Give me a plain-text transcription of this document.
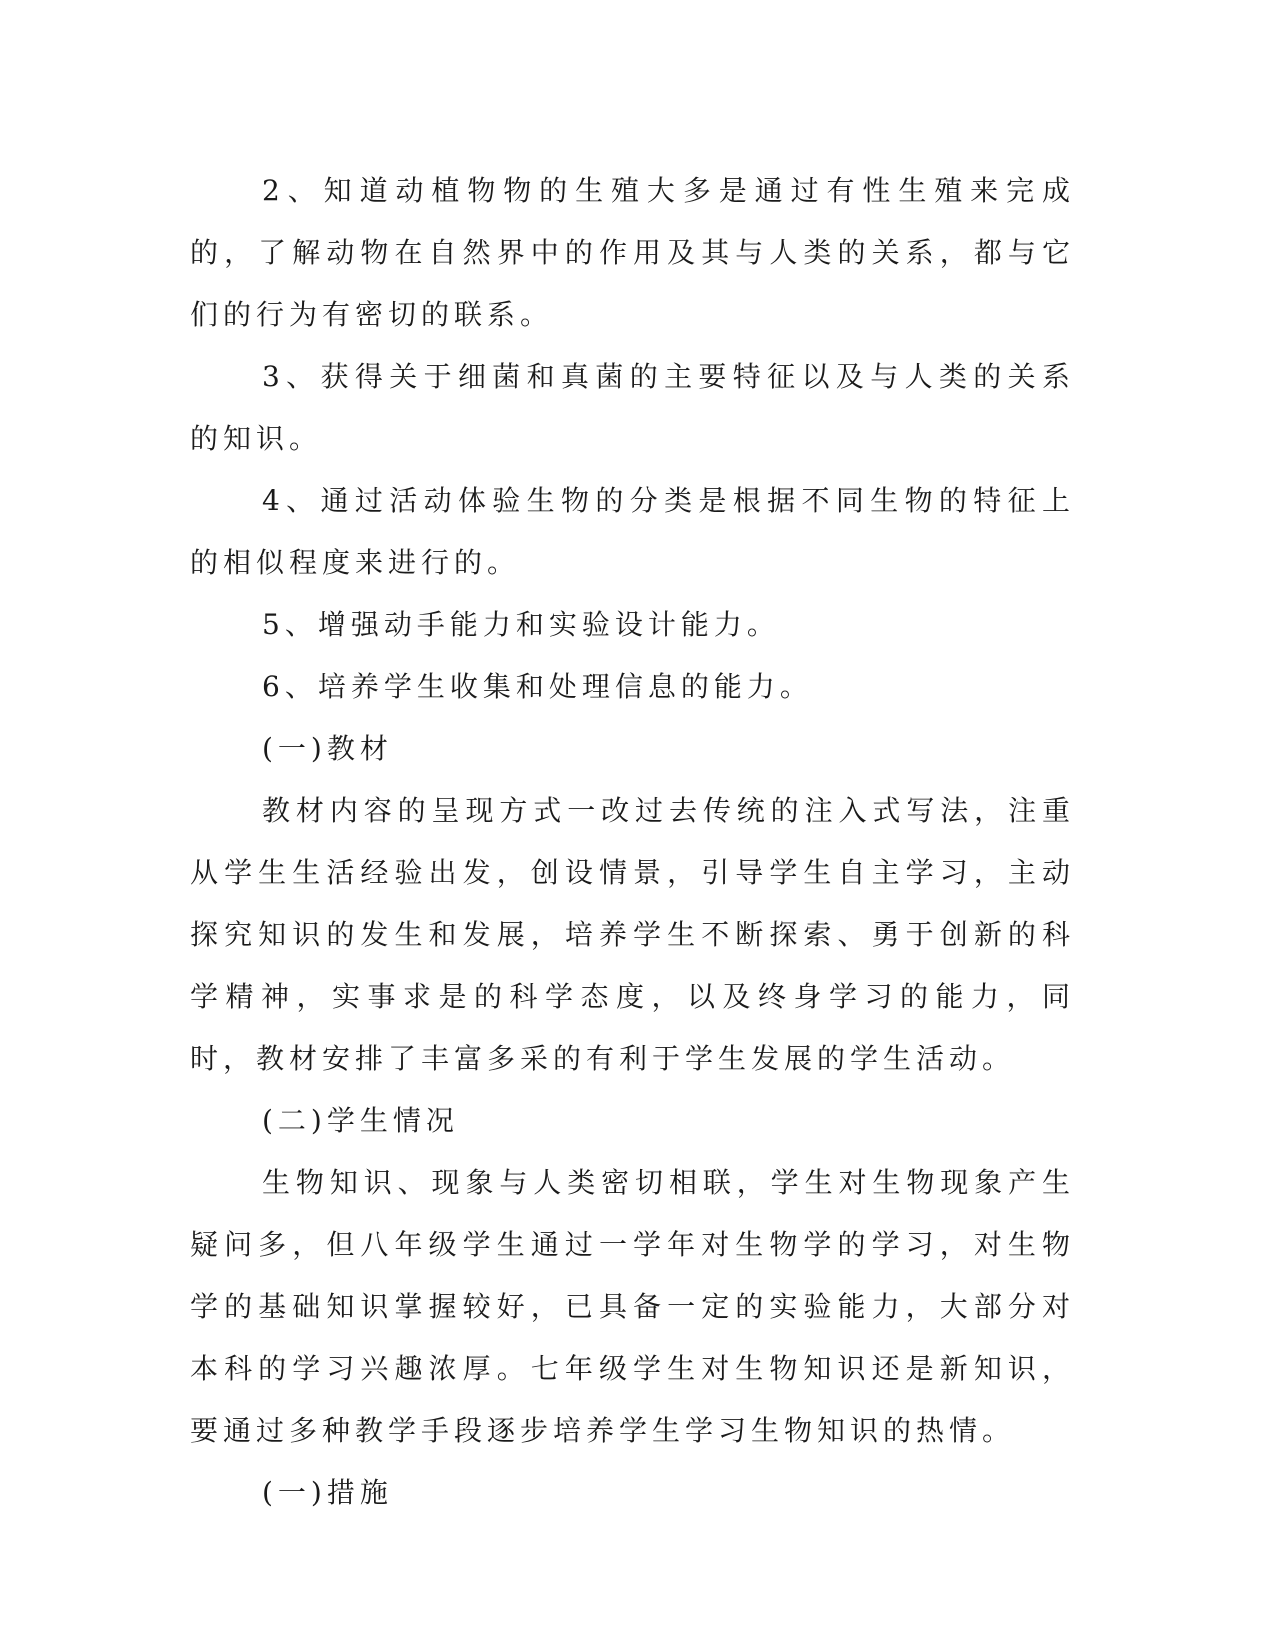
2、知道动植物物的生殖大多是通过有性生殖来完成的，了解动物在自然界中的作用及其与人类的关系，都与它们的行为有密切的联系。

3、获得关于细菌和真菌的主要特征以及与人类的关系的知识。

4、通过活动体验生物的分类是根据不同生物的特征上的相似程度来进行的。

5、增强动手能力和实验设计能力。

6、培养学生收集和处理信息的能力。

(一)教材

教材内容的呈现方式一改过去传统的注入式写法，注重从学生生活经验出发，创设情景，引导学生自主学习，主动探究知识的发生和发展，培养学生不断探索、勇于创新的科学精神，实事求是的科学态度，以及终身学习的能力，同时，教材安排了丰富多采的有利于学生发展的学生活动。

(二)学生情况

生物知识、现象与人类密切相联，学生对生物现象产生疑问多，但八年级学生通过一学年对生物学的学习，对生物学的基础知识掌握较好，已具备一定的实验能力，大部分对本科的学习兴趣浓厚。七年级学生对生物知识还是新知识，要通过多种教学手段逐步培养学生学习生物知识的热情。

(一)措施
